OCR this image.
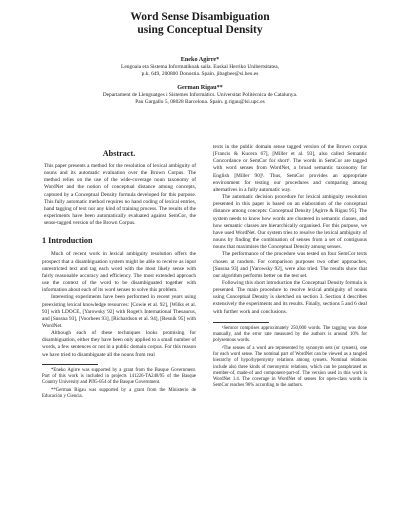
Word Sense Disambiguation
using Conceptual Density
Eneko Agirre*
Lengoaia eta Sistema Informatikoak saila. Euskal Herriko Unibertsitatea,
p.k. 649, 200800 Donostia. Spain. jibagbee@si.heu.es
German Rigau**
Departament de Llenguatges i Sistemes Informàtics. Universitat Politècnica de Catalunya.
Pau Gargallo 5, 08028 Barcelona. Spain. g.rigau@lsi.upc.es
Abstract.

This paper presents a method for the resolution of lexical ambiguity of nouns and its automatic evaluation over the Brown Corpus. The method relies on the use of the wide-coverage noun taxonomy of WordNet and the notion of conceptual distance among concepts, captured by a Conceptual Density formula developed for this purpose. This fully automatic method requires no hand coding of lexical entries, hand tagging of text nor any kind of training process. The results of the experiments have been automatically evaluated against SemCor, the sense-tagged version of the Brown Corpus.

1 Introduction

Much of recent work in lexical ambiguity resolution offers the prospect that a disambiguation system might be able to receive as input unrestricted text and tag each word with the most likely sense with fairly reasonable accuracy and efficiency. The most extended approach use the context of the word to be disambiguated together with information about each of its word senses to solve this problem.

Interesting experiments have been performed in recent years using preexisting lexical knowledge resources: [Cowie et al. 92], [Wilks et al. 93] with LDOCE, [Yarowsky 92] with Roget's International Thesaurus, and [Sussna 93], [Voorhees 93], [Richardson et al. 94], [Resnik 95] with WordNet.

Although each of these techniques looks promising for disambiguation, either they have been only applied to a small number of words, a few sentences or not in a public domain corpus. For this reason we have tried to disambiguate all the nouns from real

*Eneko Agirre was supported by a grant from the Basque Government. Part of this work is included in projects 141226-TA248/95 of the Basque Country University and PI95-054 of the Basque Government.

**German Rigau was supported by a grant from the Ministerio de Educación y Ciencia.

texts in the public domain sense tagged version of the Brown corpus [Francis & Kucera 67], [Miller et al. 93], also called Semantic Concordance or SemCor for short¹. The words in SemCor are tagged with word senses from WordNet, a broad semantic taxonomy for English [Miller 90]². Thus, SemCor provides an appropriate environment for testing our procedures and comparing among alternatives in a fully automatic way.

The automatic decision procedure for lexical ambiguity resolution presented in this paper is based on an elaboration of the conceptual distance among concepts: Conceptual Density [Agirre & Rigau 95]. The system needs to know how words are clustered in semantic classes, and how semantic classes are hierarchically organised. For this purpose, we have used WordNet. Our system tries to resolve the lexical ambiguity of nouns by finding the combination of senses from a set of contiguous nouns that maximises the Conceptual Density among senses.

The performance of the procedure was tested on four SemCor texts chosen at random. For comparison purposes two other approaches, [Sussna 93] and [Yarowsky 92], were also tried. The results show that our algorithm performs better on the test set.

Following this short introduction the Conceptual Density formula is presented. The main procedure to resolve lexical ambiguity of nouns using Conceptual Density is sketched on section 3. Section 4 describes extensively the experiments and its results. Finally, sections 5 and 6 deal with further work and conclusions.

¹Semcor comprises approximately 250,000 words. The tagging was done manually, and the error rate measured by the authors is around 10% for polysemous words.

²The senses of a word are represented by synonym sets (or synsets), one for each word sense. The nominal part of WordNet can be viewed as a tangled hierarchy of hypo/hypernymy relations among synsets. Nominal relations include also three kinds of meronymic relations, which can be paraphrased as member-of, made-of and component-part-of. The version used in this work is WordNet 1.4. The coverage in WordNet of senses for open-class words in SemCor reaches 96% according to the authors.
